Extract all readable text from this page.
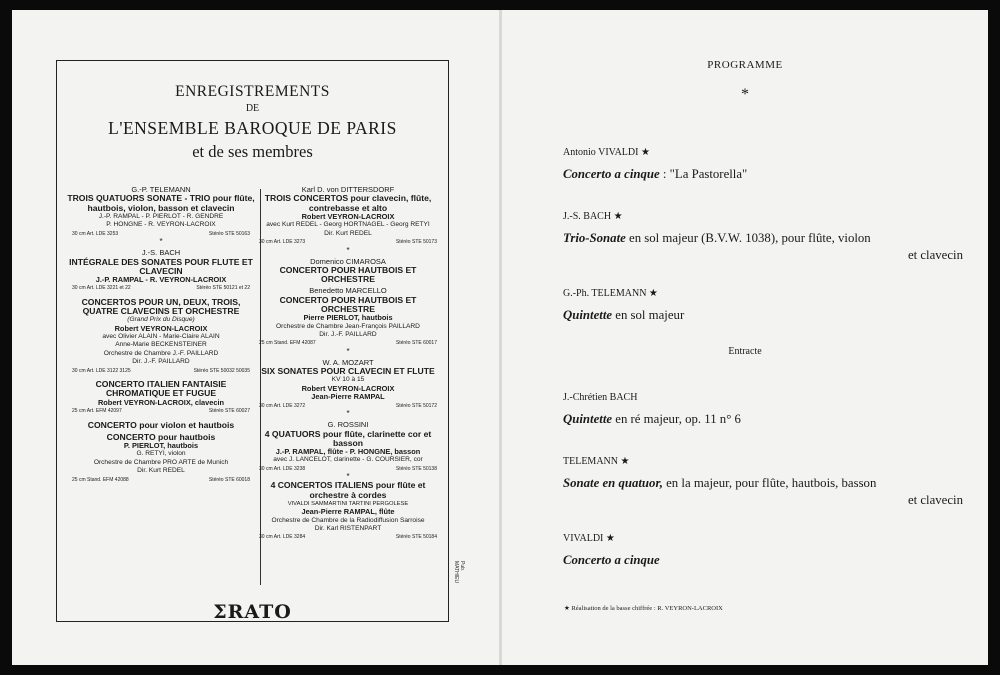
ENREGISTREMENTS
DE
L'ENSEMBLE BAROQUE DE PARIS
et de ses membres
G.-P. TELEMANN
TROIS QUATUORS SONATE - TRIO pour flûte, hautbois, violon, basson et clavecin
J.-P. RAMPAL - P. PIERLOT - R. GENDRE
P. HONGNE - R. VEYRON-LACROIX
30 cm Art. LDE 3253	Stéréo STE 50163
*
J.-S. BACH
INTÉGRALE DES SONATES POUR FLUTE ET CLAVECIN
J.-P. RAMPAL - R. VEYRON-LACROIX
30 cm Art. LDE 3221 et 22	Stéréo STE 50121 et 22
CONCERTOS POUR UN, DEUX, TROIS, QUATRE CLAVECINS ET ORCHESTRE
(Grand Prix du Disque)
Robert VEYRON-LACROIX
avec Olivier ALAIN - Marie-Claire ALAIN
Anne-Marie BECKENSTEINER
Orchestre de Chambre J.-F. PAILLARD
Dir. J.-F. PAILLARD
30 cm Art. LDE 3122 3125	Stéréo STE 50032 50035
CONCERTO ITALIEN FANTAISIE CHROMATIQUE ET FUGUE
Robert VEYRON-LACROIX, clavecin
25 cm Art. EFM 42097	Stéréo STE 60027
CONCERTO pour violon et hautbois
CONCERTO pour hautbois
P. PIERLOT, hautbois
G. RETYI, violon
Orchestre de Chambre PRO ARTE de Munich
Dir. Kurt REDEL
25 cm Stand. EFM 42088	Stéréo STE 60018
Karl D. von DITTERSDORF
TROIS CONCERTOS pour clavecin, flûte, contrebasse et alto
Robert VEYRON-LACROIX
avec Kurt REDEL - Georg HORTNAGEL - Georg RETYI
Dir. Kurt REDEL
30 cm Art. LDE 3273	Stéréo STE 50173
*
Domenico CIMAROSA
CONCERTO POUR HAUTBOIS ET ORCHESTRE
Benedetto MARCELLO
CONCERTO POUR HAUTBOIS ET ORCHESTRE
Pierre PIERLOT, hautbois
Orchestre de Chambre Jean-François PAILLARD
Dir. J.-F. PAILLARD
25 cm Stand. EFM 42087	Stéréo STE 60017
*
W. A. MOZART
SIX SONATES POUR CLAVECIN ET FLUTE
KV 10 à 15
Robert VEYRON-LACROIX
Jean-Pierre RAMPAL
30 cm Art. LDE 3272	Stéréo STE 50172
*
G. ROSSINI
4 QUATUORS pour flûte, clarinette cor et basson
J.-P. RAMPAL, flûte - P. HONGNE, basson
avec J. LANCELOT, clarinette - G. COURSIER, cor
30 cm Art. LDE 3238	Stéréo STE 50138
*
4 CONCERTOS ITALIENS pour flûte et orchestre à cordes
VIVALDI SAMMARTINI TARTINI PERGOLESE
Jean-Pierre RAMPAL, flûte
Orchestre de Chambre de la Radiodiffusion Sarroise
Dir. Karl RISTENPART
30 cm Art. LDE 3284	Stéréo STE 50184
ΣRATO
Pub. MATHIEU
PROGRAMME
*
Antonio VIVALDI ★
Concerto a cinque : "La Pastorella"
J.-S. BACH ★
Trio-Sonate en sol majeur (B.V.W. 1038), pour flûte, violon
et clavecin
G.-Ph. TELEMANN ★
Quintette en sol majeur
Entracte
J.-Chrétien BACH
Quintette en ré majeur, op. 11 n° 6
TELEMANN ★
Sonate en quatuor, en la majeur, pour flûte, hautbois, basson
et clavecin
VIVALDI ★
Concerto a cinque
★ Réalisation de la basse chiffrée : R. VEYRON-LACROIX
